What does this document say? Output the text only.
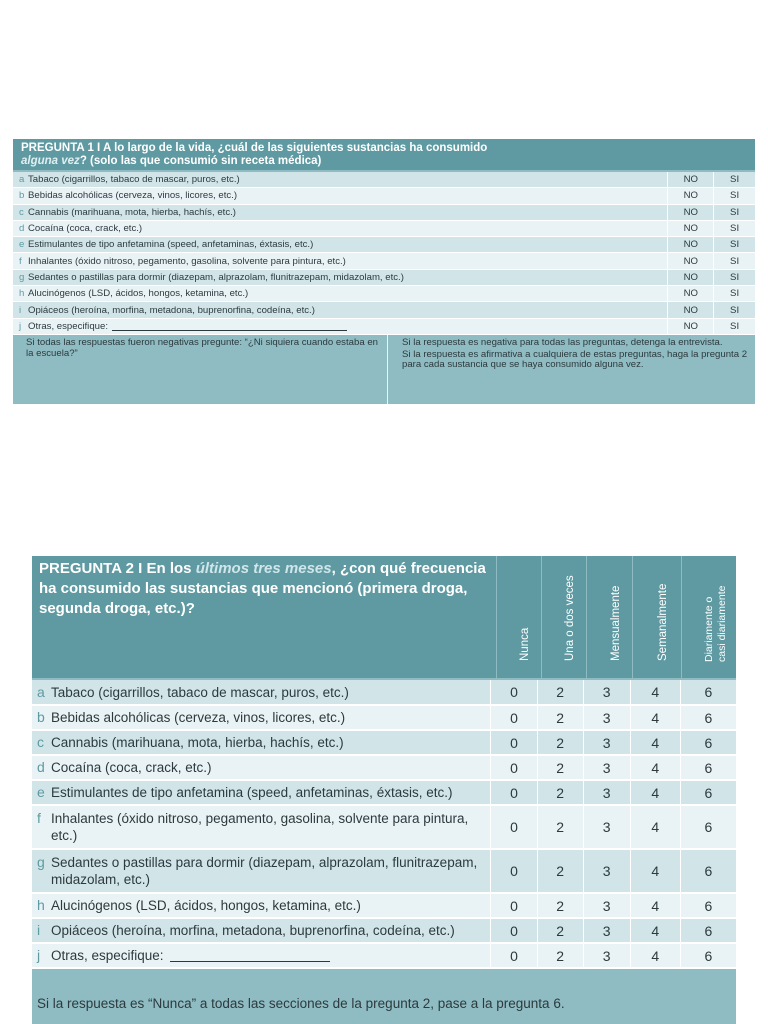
PREGUNTA 1 I A lo largo de la vida, ¿cuál de las siguientes sustancias ha consumido
alguna vez? (solo las que consumió sin receta médica)
a Tabaco (cigarrillos, tabaco de mascar, puros, etc.)	NO	SI
b Bebidas alcohólicas (cerveza, vinos, licores, etc.)	NO	SI
c Cannabis (marihuana, mota, hierba, hachís, etc.)	NO	SI
d Cocaína (coca, crack, etc.)	NO	SI
e Estimulantes de tipo anfetamina (speed, anfetaminas, éxtasis, etc.)	NO	SI
f Inhalantes (óxido nitroso, pegamento, gasolina, solvente para pintura, etc.)	NO	SI
g Sedantes o pastillas para dormir (diazepam, alprazolam, flunitrazepam, midazolam, etc.)	NO	SI
h Alucinógenos (LSD, ácidos, hongos, ketamina, etc.)	NO	SI
i Opiáceos (heroína, morfina, metadona, buprenorfina, codeína, etc.)	NO	SI
j Otras, especifique:	NO	SI
Si todas las respuestas fueron negativas pregunte: “¿Ni siquiera cuando estaba en la escuela?”

Si la respuesta es negativa para todas las preguntas, detenga la entrevista.

Si la respuesta es afirmativa a cualquiera de estas preguntas, haga la pregunta 2 para cada sustancia que se haya consumido alguna vez.

PREGUNTA 2 I En los últimos tres meses, ¿con qué frecuencia ha consumido las sustancias que mencionó (primera droga, segunda droga, etc.)?
Nunca	Una o dos veces	Mensualmente	Semanalmente	Diariamente o casi diariamente
a Tabaco (cigarrillos, tabaco de mascar, puros, etc.)	0	2	3	4	6

b Bebidas alcohólicas (cerveza, vinos, licores, etc.)	0	2	3	4	6

c Cannabis (marihuana, mota, hierba, hachís, etc.)	0	2	3	4	6

d Cocaína (coca, crack, etc.)	0	2	3	4	6

e Estimulantes de tipo anfetamina (speed, anfetaminas, éxtasis, etc.)	0	2	3	4	6

f Inhalantes (óxido nitroso, pegamento, gasolina, solvente para pintura, etc.)	0	2	3	4	6

g Sedantes o pastillas para dormir (diazepam, alprazolam, flunitrazepam, midazolam, etc.)	0	2	3	4	6

h Alucinógenos (LSD, ácidos, hongos, ketamina, etc.)	0	2	3	4	6

i Opiáceos (heroína, morfina, metadona, buprenorfina, codeína, etc.)	0	2	3	4	6

j Otras, especifique:	0	2	3	4	6
Si la respuesta es “Nunca” a todas las secciones de la pregunta 2, pase a la pregunta 6.
